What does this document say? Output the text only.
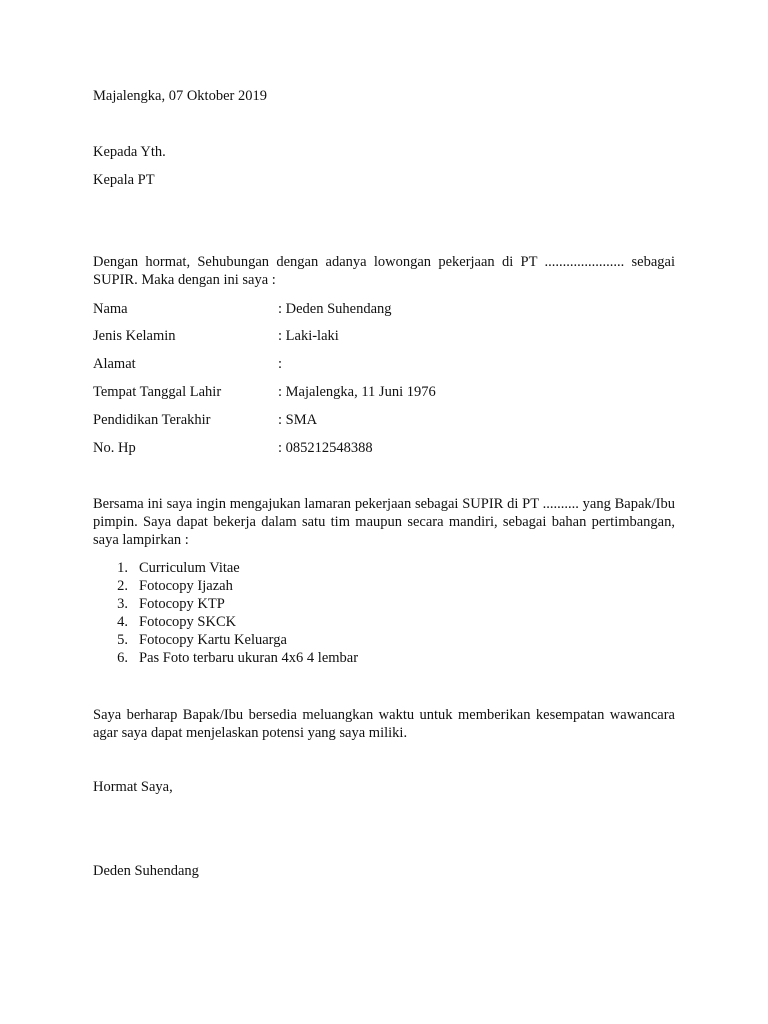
Majalengka, 07 Oktober 2019
Kepada Yth.
Kepala PT
Dengan hormat, Sehubungan dengan adanya lowongan pekerjaan di PT ...................... sebagai SUPIR. Maka dengan ini saya :
Nama	: Deden Suhendang
Jenis Kelamin	: Laki-laki
Alamat	:
Tempat Tanggal Lahir	: Majalengka, 11 Juni 1976
Pendidikan Terakhir	: SMA
No. Hp	: 085212548388
Bersama ini saya ingin mengajukan lamaran pekerjaan sebagai SUPIR di PT .......... yang Bapak/Ibu pimpin. Saya dapat bekerja dalam satu tim maupun secara mandiri, sebagai bahan pertimbangan, saya lampirkan :
1. Curriculum Vitae
2. Fotocopy Ijazah
3. Fotocopy KTP
4. Fotocopy SKCK
5. Fotocopy Kartu Keluarga
6. Pas Foto terbaru ukuran 4x6 4 lembar
Saya berharap Bapak/Ibu bersedia meluangkan waktu untuk memberikan kesempatan wawancara agar saya dapat menjelaskan potensi yang saya miliki.
Hormat Saya,
Deden Suhendang
